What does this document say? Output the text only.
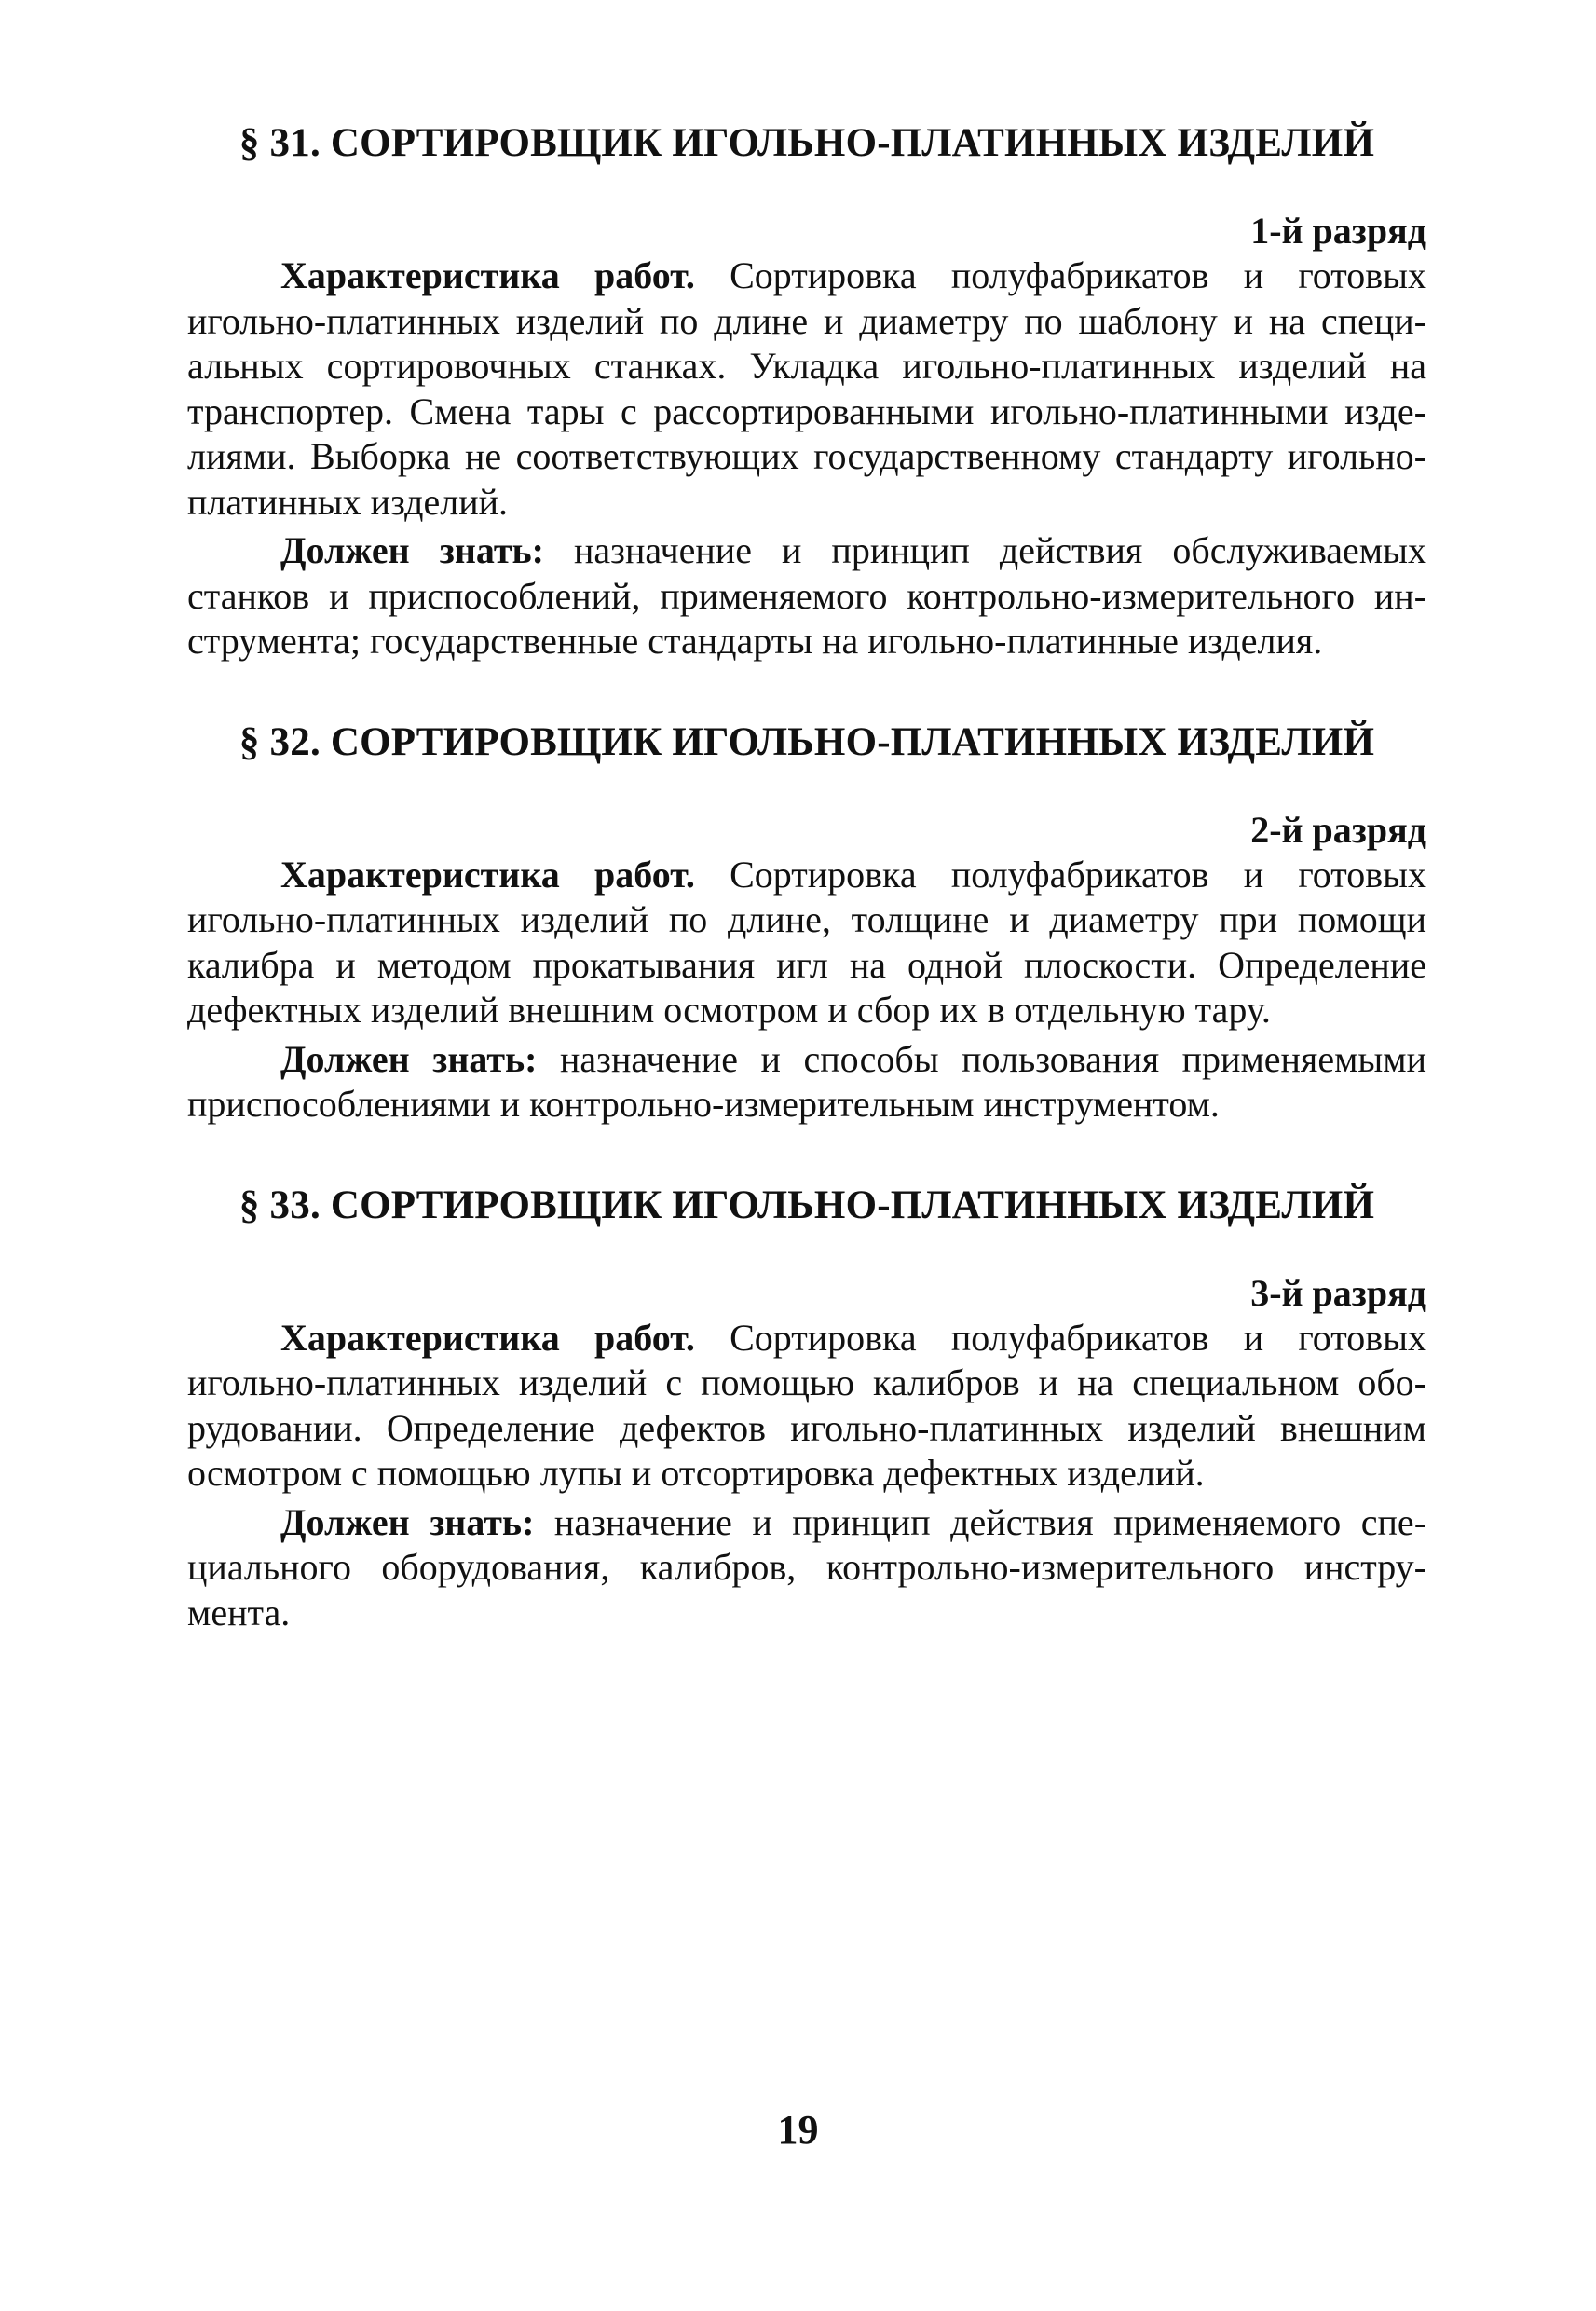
§ 31. СОРТИРОВЩИК ИГОЛЬНО-ПЛАТИННЫХ ИЗДЕЛИЙ

1-й разряд

Характеристика работ. Сортировка полуфабрикатов и готовых игольно-платинных изделий по длине и диаметру по шаблону и на специальных сортировочных станках. Укладка игольно-платинных изделий на транспортер. Смена тары с рассортированными игольно-платинными изделиями. Выборка не соответствующих государственному стандарту игольно-платинных изделий.

Должен знать: назначение и принцип действия обслуживаемых станков и приспособлений, применяемого контрольно-измерительного инструмента; государственные стандарты на игольно-платинные изделия.

§ 32. СОРТИРОВЩИК ИГОЛЬНО-ПЛАТИННЫХ ИЗДЕЛИЙ

2-й разряд

Характеристика работ. Сортировка полуфабрикатов и готовых игольно-платинных изделий по длине, толщине и диаметру при помощи калибра и методом прокатывания игл на одной плоскости. Определение дефектных изделий внешним осмотром и сбор их в отдельную тару.

Должен знать: назначение и способы пользования применяемыми приспособлениями и контрольно-измерительным инструментом.

§ 33. СОРТИРОВЩИК ИГОЛЬНО-ПЛАТИННЫХ ИЗДЕЛИЙ

3-й разряд

Характеристика работ. Сортировка полуфабрикатов и готовых игольно-платинных изделий с помощью калибров и на специальном оборудовании. Определение дефектов игольно-платинных изделий внешним осмотром с помощью лупы и отсортировка дефектных изделий.

Должен знать: назначение и принцип действия применяемого специального оборудования, калибров, контрольно-измерительного инструмента.

19
